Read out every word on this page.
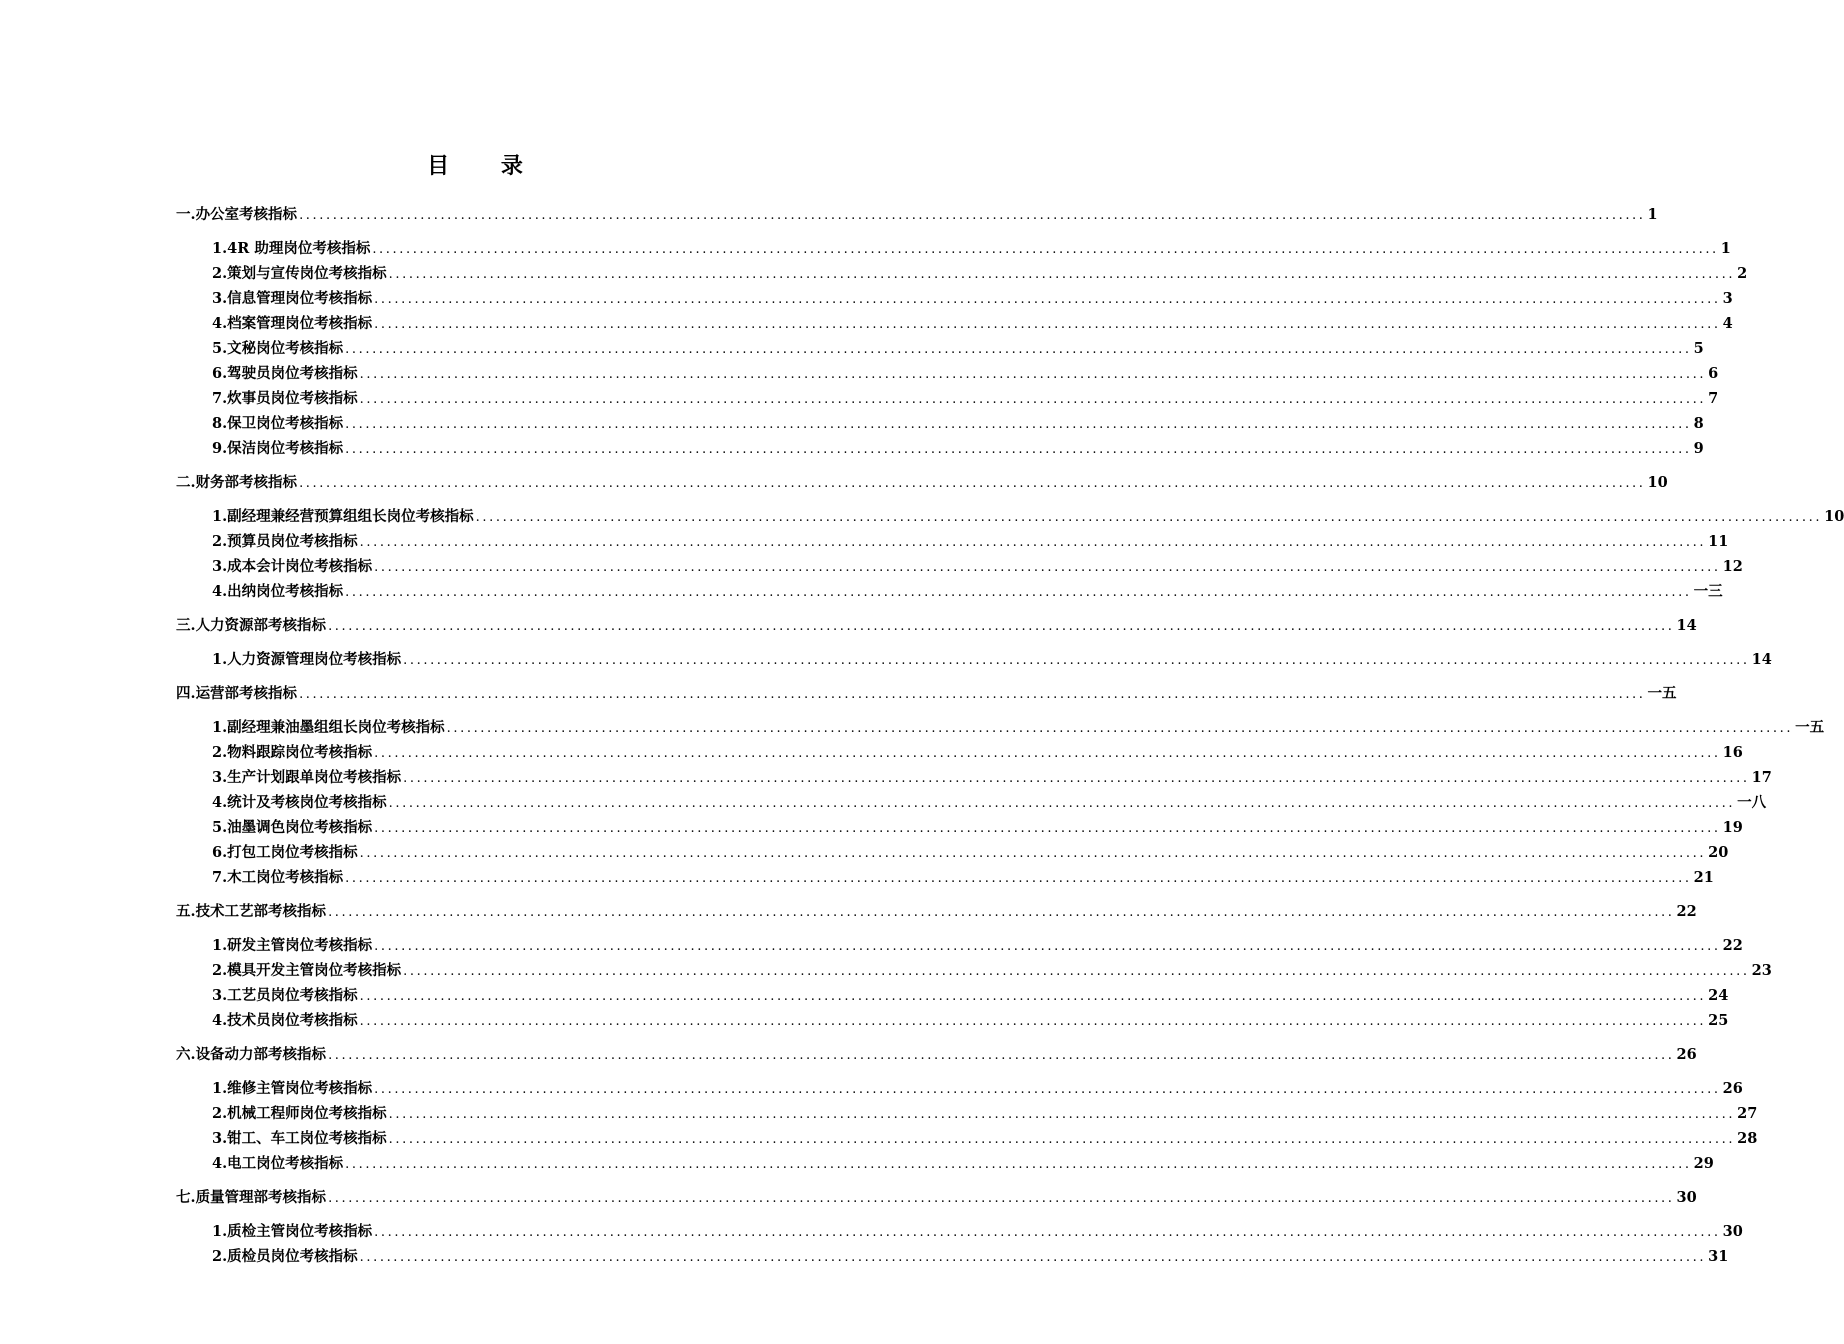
目 录
一. 办公室考核指标 ........................................................................................................................................................................................................ 1
1. 4R 助理岗位考核指标 ........................................................................................................................................................................................................ 1
2. 策划与宣传岗位考核指标 ........................................................................................................................................................................................................ 2
3. 信息管理岗位考核指标 ........................................................................................................................................................................................................ 3
4. 档案管理岗位考核指标 ........................................................................................................................................................................................................ 4
5. 文秘岗位考核指标 ........................................................................................................................................................................................................ 5
6. 驾驶员岗位考核指标 ........................................................................................................................................................................................................ 6
7. 炊事员岗位考核指标 ........................................................................................................................................................................................................ 7
8. 保卫岗位考核指标 ........................................................................................................................................................................................................ 8
9. 保洁岗位考核指标 ........................................................................................................................................................................................................ 9
二. 财务部考核指标 ........................................................................................................................................................................................................ 10
1. 副经理兼经营预算组组长岗位考核指标 ........................................................................................................................................................................................................ 10
2. 预算员岗位考核指标 ........................................................................................................................................................................................................ 11
3. 成本会计岗位考核指标 ........................................................................................................................................................................................................ 12
4. 出纳岗位考核指标 ........................................................................................................................................................................................................ 一三
三. 人力资源部考核指标 ........................................................................................................................................................................................................ 14
1. 人力资源管理岗位考核指标 ........................................................................................................................................................................................................ 14
四. 运营部考核指标 ........................................................................................................................................................................................................ 一五
1. 副经理兼油墨组组长岗位考核指标 ........................................................................................................................................................................................................ 一五
2. 物料跟踪岗位考核指标 ........................................................................................................................................................................................................ 16
3. 生产计划跟单岗位考核指标 ........................................................................................................................................................................................................ 17
4. 统计及考核岗位考核指标 ........................................................................................................................................................................................................ 一八
5. 油墨调色岗位考核指标 ........................................................................................................................................................................................................ 19
6. 打包工岗位考核指标 ........................................................................................................................................................................................................ 20
7. 木工岗位考核指标 ........................................................................................................................................................................................................ 21
五. 技术工艺部考核指标 ........................................................................................................................................................................................................ 22
1. 研发主管岗位考核指标 ........................................................................................................................................................................................................ 22
2. 模具开发主管岗位考核指标 ........................................................................................................................................................................................................ 23
3. 工艺员岗位考核指标 ........................................................................................................................................................................................................ 24
4. 技术员岗位考核指标 ........................................................................................................................................................................................................ 25
六. 设备动力部考核指标 ........................................................................................................................................................................................................ 26
1. 维修主管岗位考核指标 ........................................................................................................................................................................................................ 26
2. 机械工程师岗位考核指标 ........................................................................................................................................................................................................ 27
3. 钳工、车工岗位考核指标 ........................................................................................................................................................................................................ 28
4. 电工岗位考核指标 ........................................................................................................................................................................................................ 29
七. 质量管理部考核指标 ........................................................................................................................................................................................................ 30
1. 质检主管岗位考核指标 ........................................................................................................................................................................................................ 30
2. 质检员岗位考核指标 ........................................................................................................................................................................................................ 31
